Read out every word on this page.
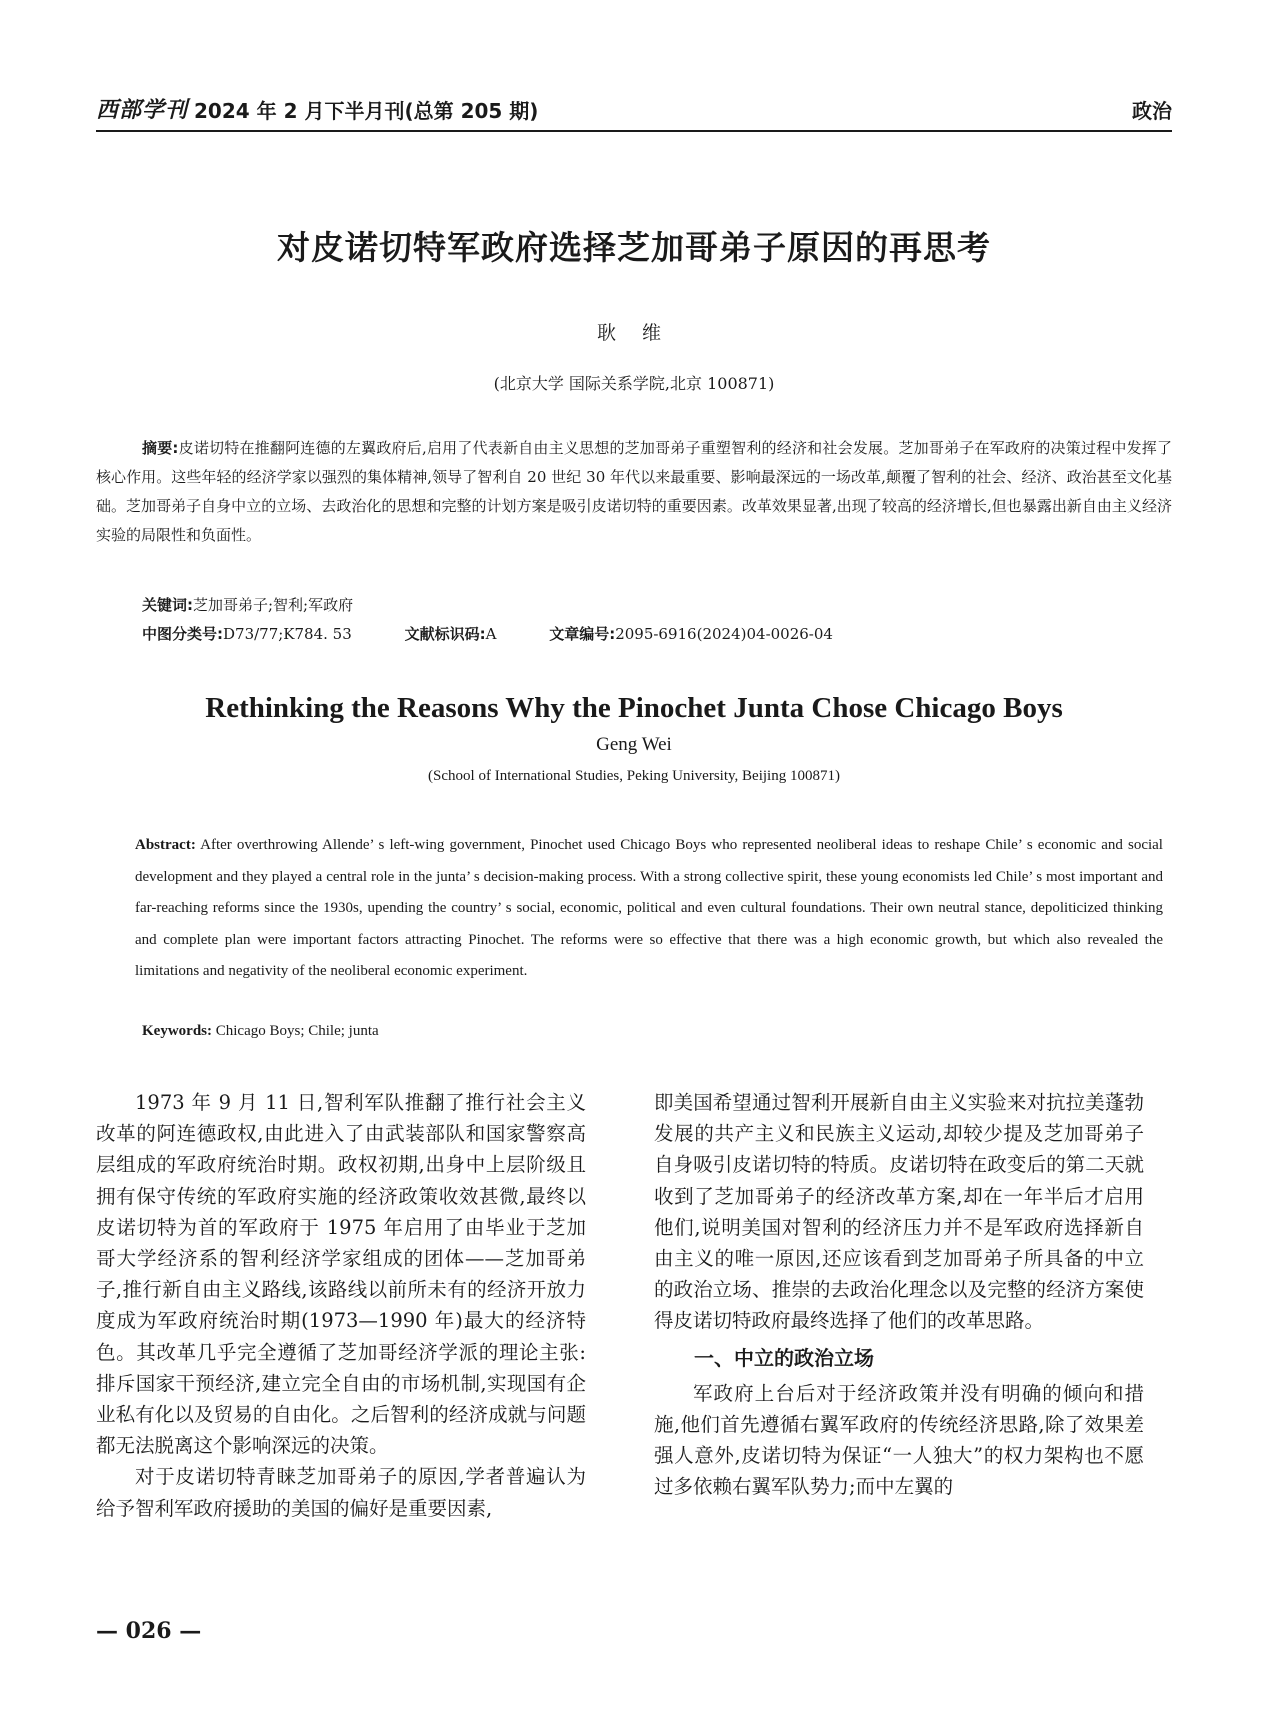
西部学刊 2024 年 2 月下半月刊(总第 205 期)	政治
对皮诺切特军政府选择芝加哥弟子原因的再思考
耿 维
(北京大学 国际关系学院,北京 100871)
摘要:皮诺切特在推翻阿连德的左翼政府后,启用了代表新自由主义思想的芝加哥弟子重塑智利的经济和社会发展。芝加哥弟子在军政府的决策过程中发挥了核心作用。这些年轻的经济学家以强烈的集体精神,领导了智利自 20 世纪 30 年代以来最重要、影响最深远的一场改革,颠覆了智利的社会、经济、政治甚至文化基础。芝加哥弟子自身中立的立场、去政治化的思想和完整的计划方案是吸引皮诺切特的重要因素。改革效果显著,出现了较高的经济增长,但也暴露出新自由主义经济实验的局限性和负面性。
关键词:芝加哥弟子;智利;军政府
中图分类号:D73/77;K784. 53	文献标识码:A	文章编号:2095-6916(2024)04-0026-04
Rethinking the Reasons Why the Pinochet Junta Chose Chicago Boys
Geng Wei
(School of International Studies, Peking University, Beijing 100871)
Abstract: After overthrowing Allende’ s left-wing government, Pinochet used Chicago Boys who represented neoliberal ideas to reshape Chile’ s economic and social development and they played a central role in the junta’ s decision-making process. With a strong collective spirit, these young economists led Chile’ s most important and far-reaching reforms since the 1930s, upending the country’ s social, economic, political and even cultural foundations. Their own neutral stance, depoliticized thinking and complete plan were important factors attracting Pinochet. The reforms were so effective that there was a high economic growth, but which also revealed the limitations and negativity of the neoliberal economic experiment.
Keywords: Chicago Boys; Chile; junta

1973 年 9 月 11 日,智利军队推翻了推行社会主义改革的阿连德政权,由此进入了由武装部队和国家警察高层组成的军政府统治时期。政权初期,出身中上层阶级且拥有保守传统的军政府实施的经济政策收效甚微,最终以皮诺切特为首的军政府于 1975 年启用了由毕业于芝加哥大学经济系的智利经济学家组成的团体——芝加哥弟子,推行新自由主义路线,该路线以前所未有的经济开放力度成为军政府统治时期(1973—1990 年)最大的经济特色。其改革几乎完全遵循了芝加哥经济学派的理论主张:排斥国家干预经济,建立完全自由的市场机制,实现国有企业私有化以及贸易的自由化。之后智利的经济成就与问题都无法脱离这个影响深远的决策。

对于皮诺切特青睐芝加哥弟子的原因,学者普遍认为给予智利军政府援助的美国的偏好是重要因素,

即美国希望通过智利开展新自由主义实验来对抗拉美蓬勃发展的共产主义和民族主义运动,却较少提及芝加哥弟子自身吸引皮诺切特的特质。皮诺切特在政变后的第二天就收到了芝加哥弟子的经济改革方案,却在一年半后才启用他们,说明美国对智利的经济压力并不是军政府选择新自由主义的唯一原因,还应该看到芝加哥弟子所具备的中立的政治立场、推崇的去政治化理念以及完整的经济方案使得皮诺切特政府最终选择了他们的改革思路。

一、中立的政治立场

军政府上台后对于经济政策并没有明确的倾向和措施,他们首先遵循右翼军政府的传统经济思路,除了效果差强人意外,皮诺切特为保证“一人独大”的权力架构也不愿过多依赖右翼军队势力;而中左翼的

— 026 —
